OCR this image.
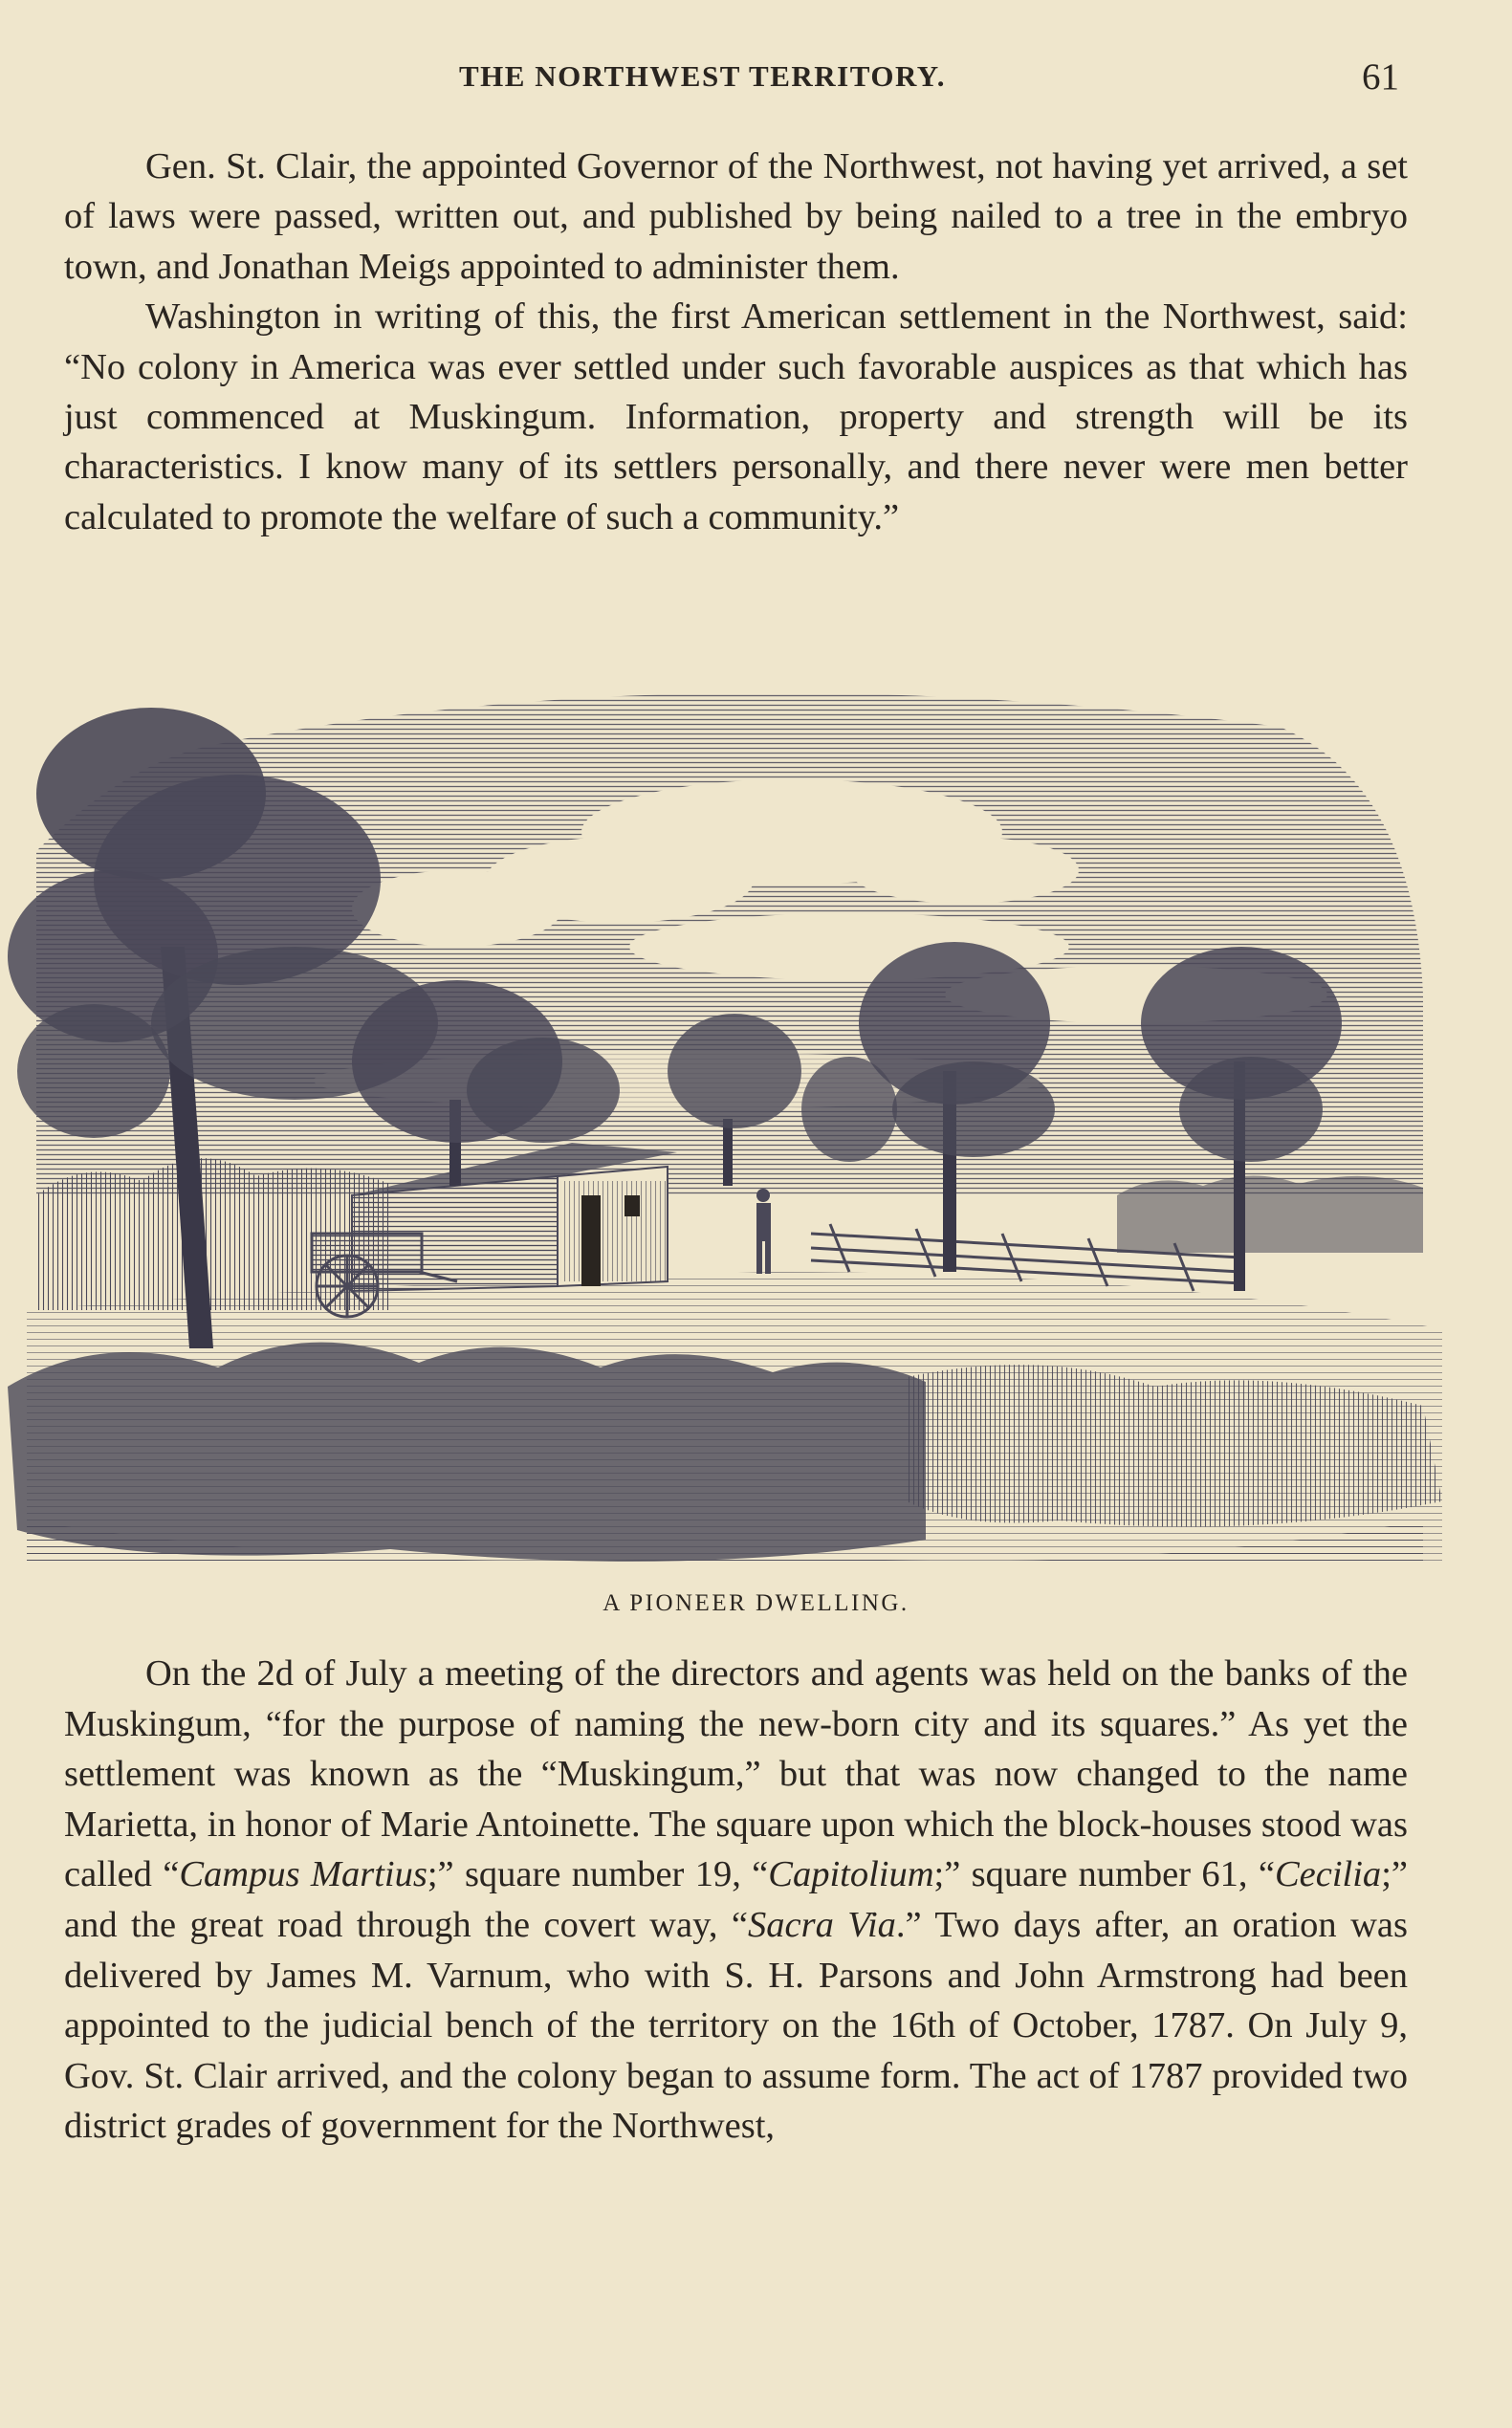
THE NORTHWEST TERRITORY.	61

Gen. St. Clair, the appointed Governor of the Northwest, not having yet arrived, a set of laws were passed, written out, and published by being nailed to a tree in the embryo town, and Jonathan Meigs appointed to administer them.

Washington in writing of this, the first American settlement in the Northwest, said: “No colony in America was ever settled under such favorable auspices as that which has just commenced at Muskingum. Information, property and strength will be its characteristics. I know many of its settlers personally, and there never were men better calculated to promote the welfare of such a community.”

A PIONEER DWELLING.

On the 2d of July a meeting of the directors and agents was held on the banks of the Muskingum, “for the purpose of naming the new-born city and its squares.” As yet the settlement was known as the “Muskingum,” but that was now changed to the name Marietta, in honor of Marie Antoinette. The square upon which the block-houses stood was called “Campus Martius;” square number 19, “Capitolium;” square number 61, “Cecilia;” and the great road through the covert way, “Sacra Via.” Two days after, an oration was delivered by James M. Varnum, who with S. H. Parsons and John Armstrong had been appointed to the judicial bench of the territory on the 16th of October, 1787. On July 9, Gov. St. Clair arrived, and the colony began to assume form. The act of 1787 provided two district grades of government for the Northwest,
